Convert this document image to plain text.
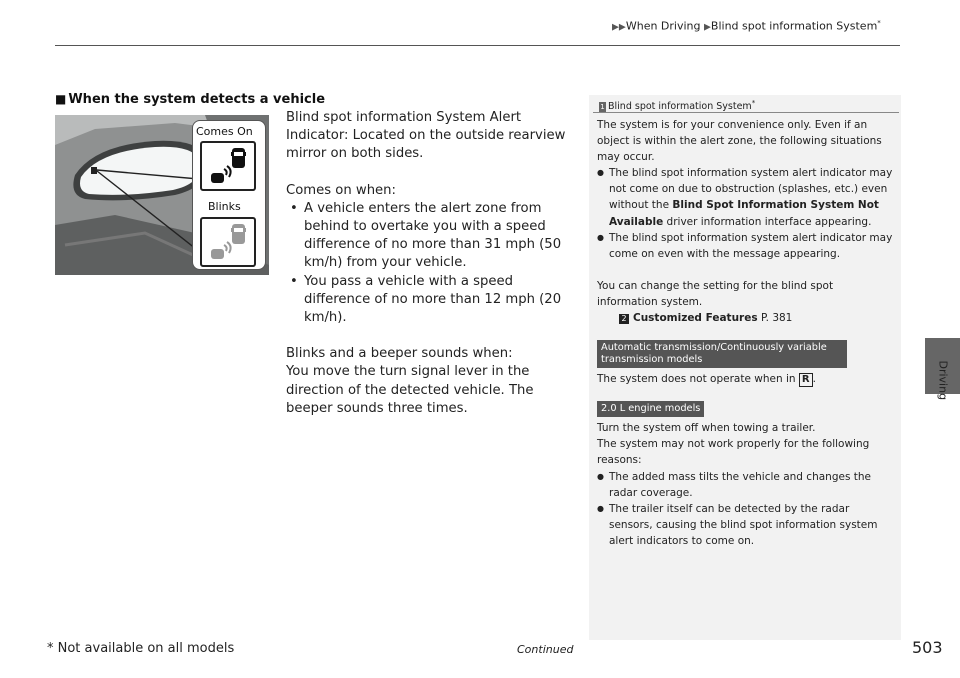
▶▶When Driving ▶Blind spot information System*
Driving
■ When the system detects a vehicle
Comes On
Blinks

Blind spot information System Alert Indicator: Located on the outside rearview mirror on both sides.

Comes on when:

• A vehicle enters the alert zone from behind to overtake you with a speed difference of no more than 31 mph (50 km/h) from your vehicle.

• You pass a vehicle with a speed difference of no more than 12 mph (20 km/h).

Blinks and a beeper sounds when:

You move the turn signal lever in the direction of the detected vehicle. The beeper sounds three times.

1 Blind spot information System*

The system is for your convenience only. Even if an object is within the alert zone, the following situations may occur.

● The blind spot information system alert indicator may not come on due to obstruction (splashes, etc.) even without the Blind Spot Information System Not Available driver information interface appearing.

● The blind spot information system alert indicator may come on even with the message appearing.

You can change the setting for the blind spot information system.

2 Customized Features P. 381

Automatic transmission/Continuously variable transmission models

The system does not operate when in R .

2.0 L engine models

Turn the system off when towing a trailer.

The system may not work properly for the following reasons:

● The added mass tilts the vehicle and changes the radar coverage.

● The trailer itself can be detected by the radar sensors, causing the blind spot information system alert indicators to come on.

* Not available on all models	Continued	503
